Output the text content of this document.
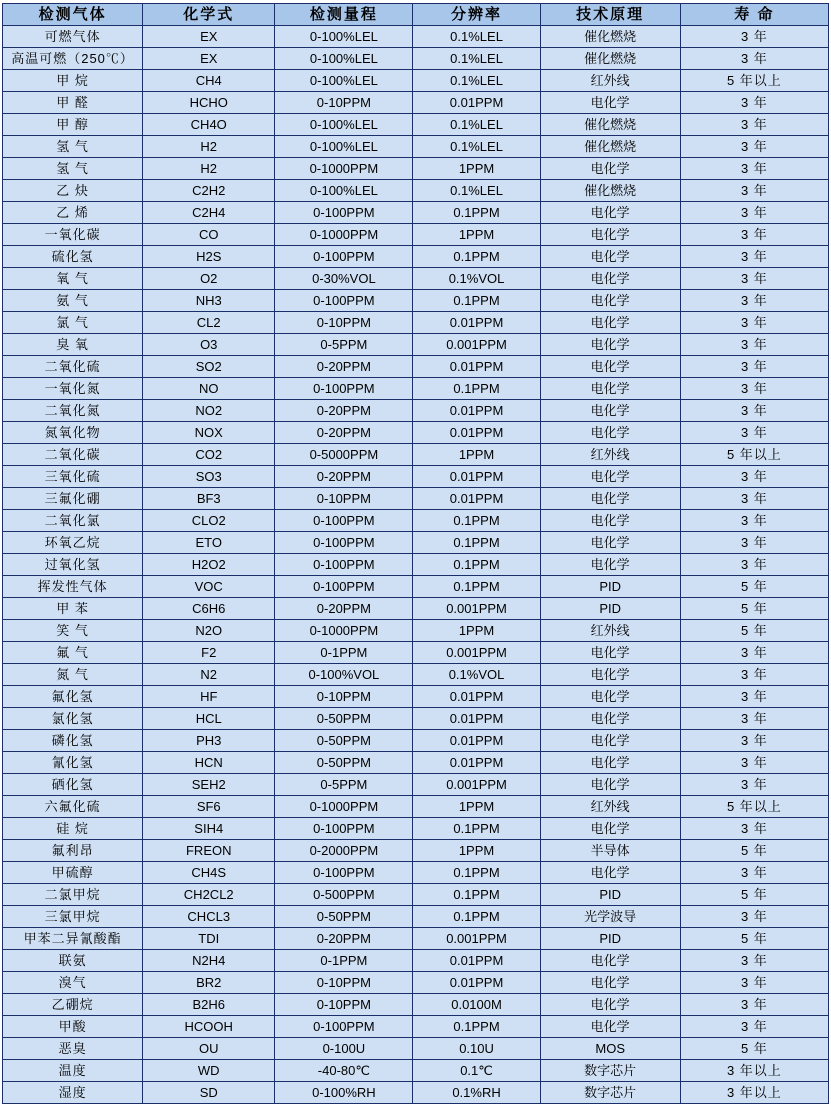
检测气体	化学式	检测量程	分辨率	技术原理	寿 命
可燃气体	EX	0-100%LEL	0.1%LEL	催化燃烧	3 年
高温可燃（250℃）	EX	0-100%LEL	0.1%LEL	催化燃烧	3 年
甲 烷	CH4	0-100%LEL	0.1%LEL	红外线	5 年以上
甲 醛	HCHO	0-10PPM	0.01PPM	电化学	3 年
甲 醇	CH4O	0-100%LEL	0.1%LEL	催化燃烧	3 年
氢 气	H2	0-100%LEL	0.1%LEL	催化燃烧	3 年
氢 气	H2	0-1000PPM	1PPM	电化学	3 年
乙 炔	C2H2	0-100%LEL	0.1%LEL	催化燃烧	3 年
乙 烯	C2H4	0-100PPM	0.1PPM	电化学	3 年
一氧化碳	CO	0-1000PPM	1PPM	电化学	3 年
硫化氢	H2S	0-100PPM	0.1PPM	电化学	3 年
氧 气	O2	0-30%VOL	0.1%VOL	电化学	3 年
氨 气	NH3	0-100PPM	0.1PPM	电化学	3 年
氯 气	CL2	0-10PPM	0.01PPM	电化学	3 年
臭 氧	O3	0-5PPM	0.001PPM	电化学	3 年
二氧化硫	SO2	0-20PPM	0.01PPM	电化学	3 年
一氧化氮	NO	0-100PPM	0.1PPM	电化学	3 年
二氧化氮	NO2	0-20PPM	0.01PPM	电化学	3 年
氮氧化物	NOX	0-20PPM	0.01PPM	电化学	3 年
二氧化碳	CO2	0-5000PPM	1PPM	红外线	5 年以上
三氧化硫	SO3	0-20PPM	0.01PPM	电化学	3 年
三氟化硼	BF3	0-10PPM	0.01PPM	电化学	3 年
二氧化氯	CLO2	0-100PPM	0.1PPM	电化学	3 年
环氧乙烷	ETO	0-100PPM	0.1PPM	电化学	3 年
过氧化氢	H2O2	0-100PPM	0.1PPM	电化学	3 年
挥发性气体	VOC	0-100PPM	0.1PPM	PID	5 年
甲 苯	C6H6	0-20PPM	0.001PPM	PID	5 年
笑 气	N2O	0-1000PPM	1PPM	红外线	5 年
氟 气	F2	0-1PPM	0.001PPM	电化学	3 年
氮 气	N2	0-100%VOL	0.1%VOL	电化学	3 年
氟化氢	HF	0-10PPM	0.01PPM	电化学	3 年
氯化氢	HCL	0-50PPM	0.01PPM	电化学	3 年
磷化氢	PH3	0-50PPM	0.01PPM	电化学	3 年
氰化氢	HCN	0-50PPM	0.01PPM	电化学	3 年
硒化氢	SEH2	0-5PPM	0.001PPM	电化学	3 年
六氟化硫	SF6	0-1000PPM	1PPM	红外线	5 年以上
硅 烷	SIH4	0-100PPM	0.1PPM	电化学	3 年
氟利昂	FREON	0-2000PPM	1PPM	半导体	5 年
甲硫醇	CH4S	0-100PPM	0.1PPM	电化学	3 年
二氯甲烷	CH2CL2	0-500PPM	0.1PPM	PID	5 年
三氯甲烷	CHCL3	0-50PPM	0.1PPM	光学波导	3 年
甲苯二异氰酸酯	TDI	0-20PPM	0.001PPM	PID	5 年
联氨	N2H4	0-1PPM	0.01PPM	电化学	3 年
溴气	BR2	0-10PPM	0.01PPM	电化学	3 年
乙硼烷	B2H6	0-10PPM	0.0100M	电化学	3 年
甲酸	HCOOH	0-100PPM	0.1PPM	电化学	3 年
恶臭	OU	0-100U	0.10U	MOS	5 年
温度	WD	-40-80℃	0.1℃	数字芯片	3 年以上
湿度	SD	0-100%RH	0.1%RH	数字芯片	3 年以上
